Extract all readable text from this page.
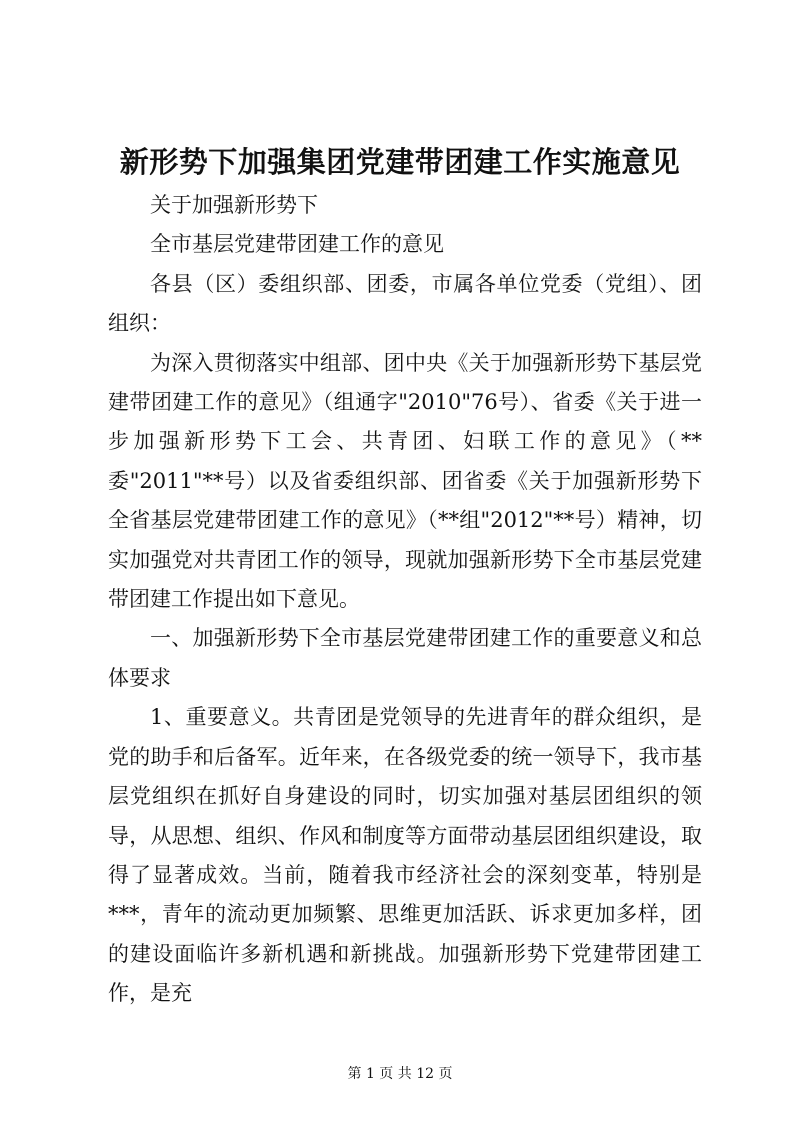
新形势下加强集团党建带团建工作实施意见

关于加强新形势下

全市基层党建带团建工作的意见

各县（区）委组织部、团委，市属各单位党委（党组）、团组织：

为深入贯彻落实中组部、团中央《关于加强新形势下基层党建带团建工作的意见》（组通字"2010"76号）、省委《关于进一步加强新形势下工会、共青团、妇联工作的意见》（**委"2011"**号）以及省委组织部、团省委《关于加强新形势下全省基层党建带团建工作的意见》（**组"2012"**号）精神，切实加强党对共青团工作的领导，现就加强新形势下全市基层党建带团建工作提出如下意见。

一、加强新形势下全市基层党建带团建工作的重要意义和总体要求

1、重要意义。共青团是党领导的先进青年的群众组织，是党的助手和后备军。近年来，在各级党委的统一领导下，我市基层党组织在抓好自身建设的同时，切实加强对基层团组织的领导，从思想、组织、作风和制度等方面带动基层团组织建设，取得了显著成效。当前，随着我市经济社会的深刻变革，特别是***，青年的流动更加频繁、思维更加活跃、诉求更加多样，团的建设面临许多新机遇和新挑战。加强新形势下党建带团建工作，是充

第 1 页 共 12 页
